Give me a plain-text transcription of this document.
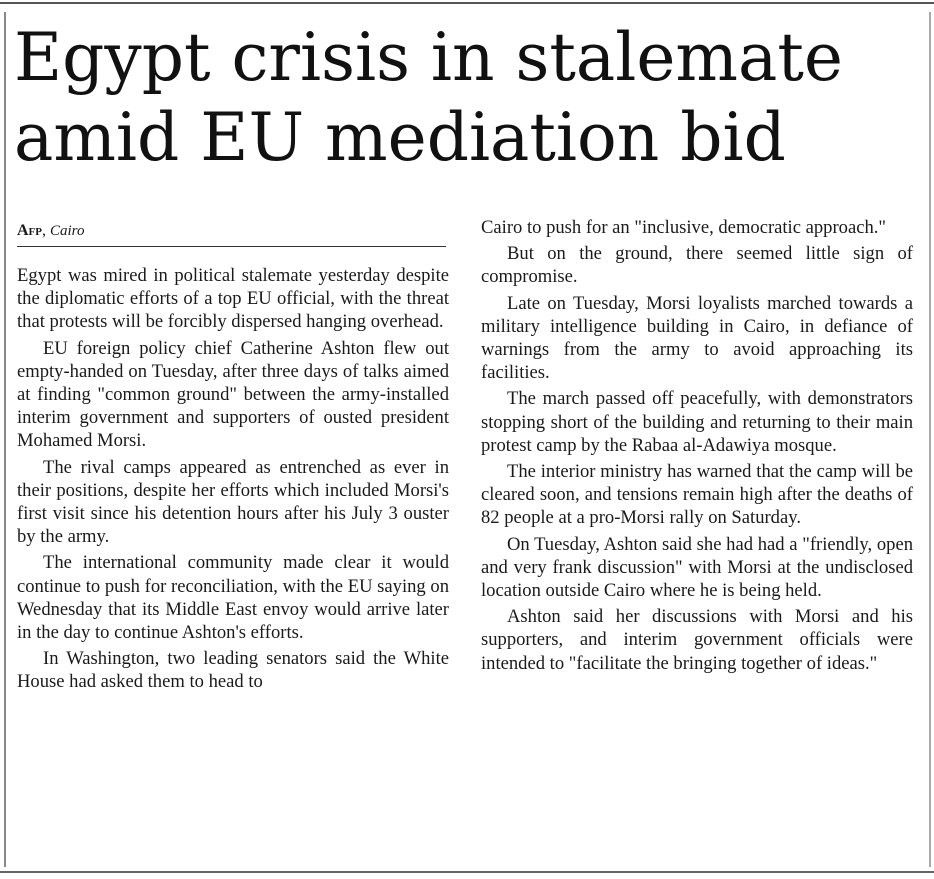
Egypt crisis in stalemate amid EU mediation bid
Afp, Cairo

Egypt was mired in political stalemate yesterday despite the diplomatic efforts of a top EU official, with the threat that protests will be forcibly dispersed hanging overhead.

EU foreign policy chief Catherine Ashton flew out empty-handed on Tuesday, after three days of talks aimed at finding "common ground" between the army-installed interim government and supporters of ousted president Mohamed Morsi.

The rival camps appeared as entrenched as ever in their positions, despite her efforts which included Morsi's first visit since his detention hours after his July 3 ouster by the army.

The international community made clear it would continue to push for reconciliation, with the EU saying on Wednesday that its Middle East envoy would arrive later in the day to continue Ashton's efforts.

In Washington, two leading senators said the White House had asked them to head to

Cairo to push for an "inclusive, democratic approach."

But on the ground, there seemed little sign of compromise.

Late on Tuesday, Morsi loyalists marched towards a military intelligence building in Cairo, in defiance of warnings from the army to avoid approaching its facilities.

The march passed off peacefully, with demonstrators stopping short of the building and returning to their main protest camp by the Rabaa al-Adawiya mosque.

The interior ministry has warned that the camp will be cleared soon, and tensions remain high after the deaths of 82 people at a pro-Morsi rally on Saturday.

On Tuesday, Ashton said she had had a "friendly, open and very frank discussion" with Morsi at the undisclosed location outside Cairo where he is being held.

Ashton said her discussions with Morsi and his supporters, and interim government officials were intended to "facilitate the bringing together of ideas."
